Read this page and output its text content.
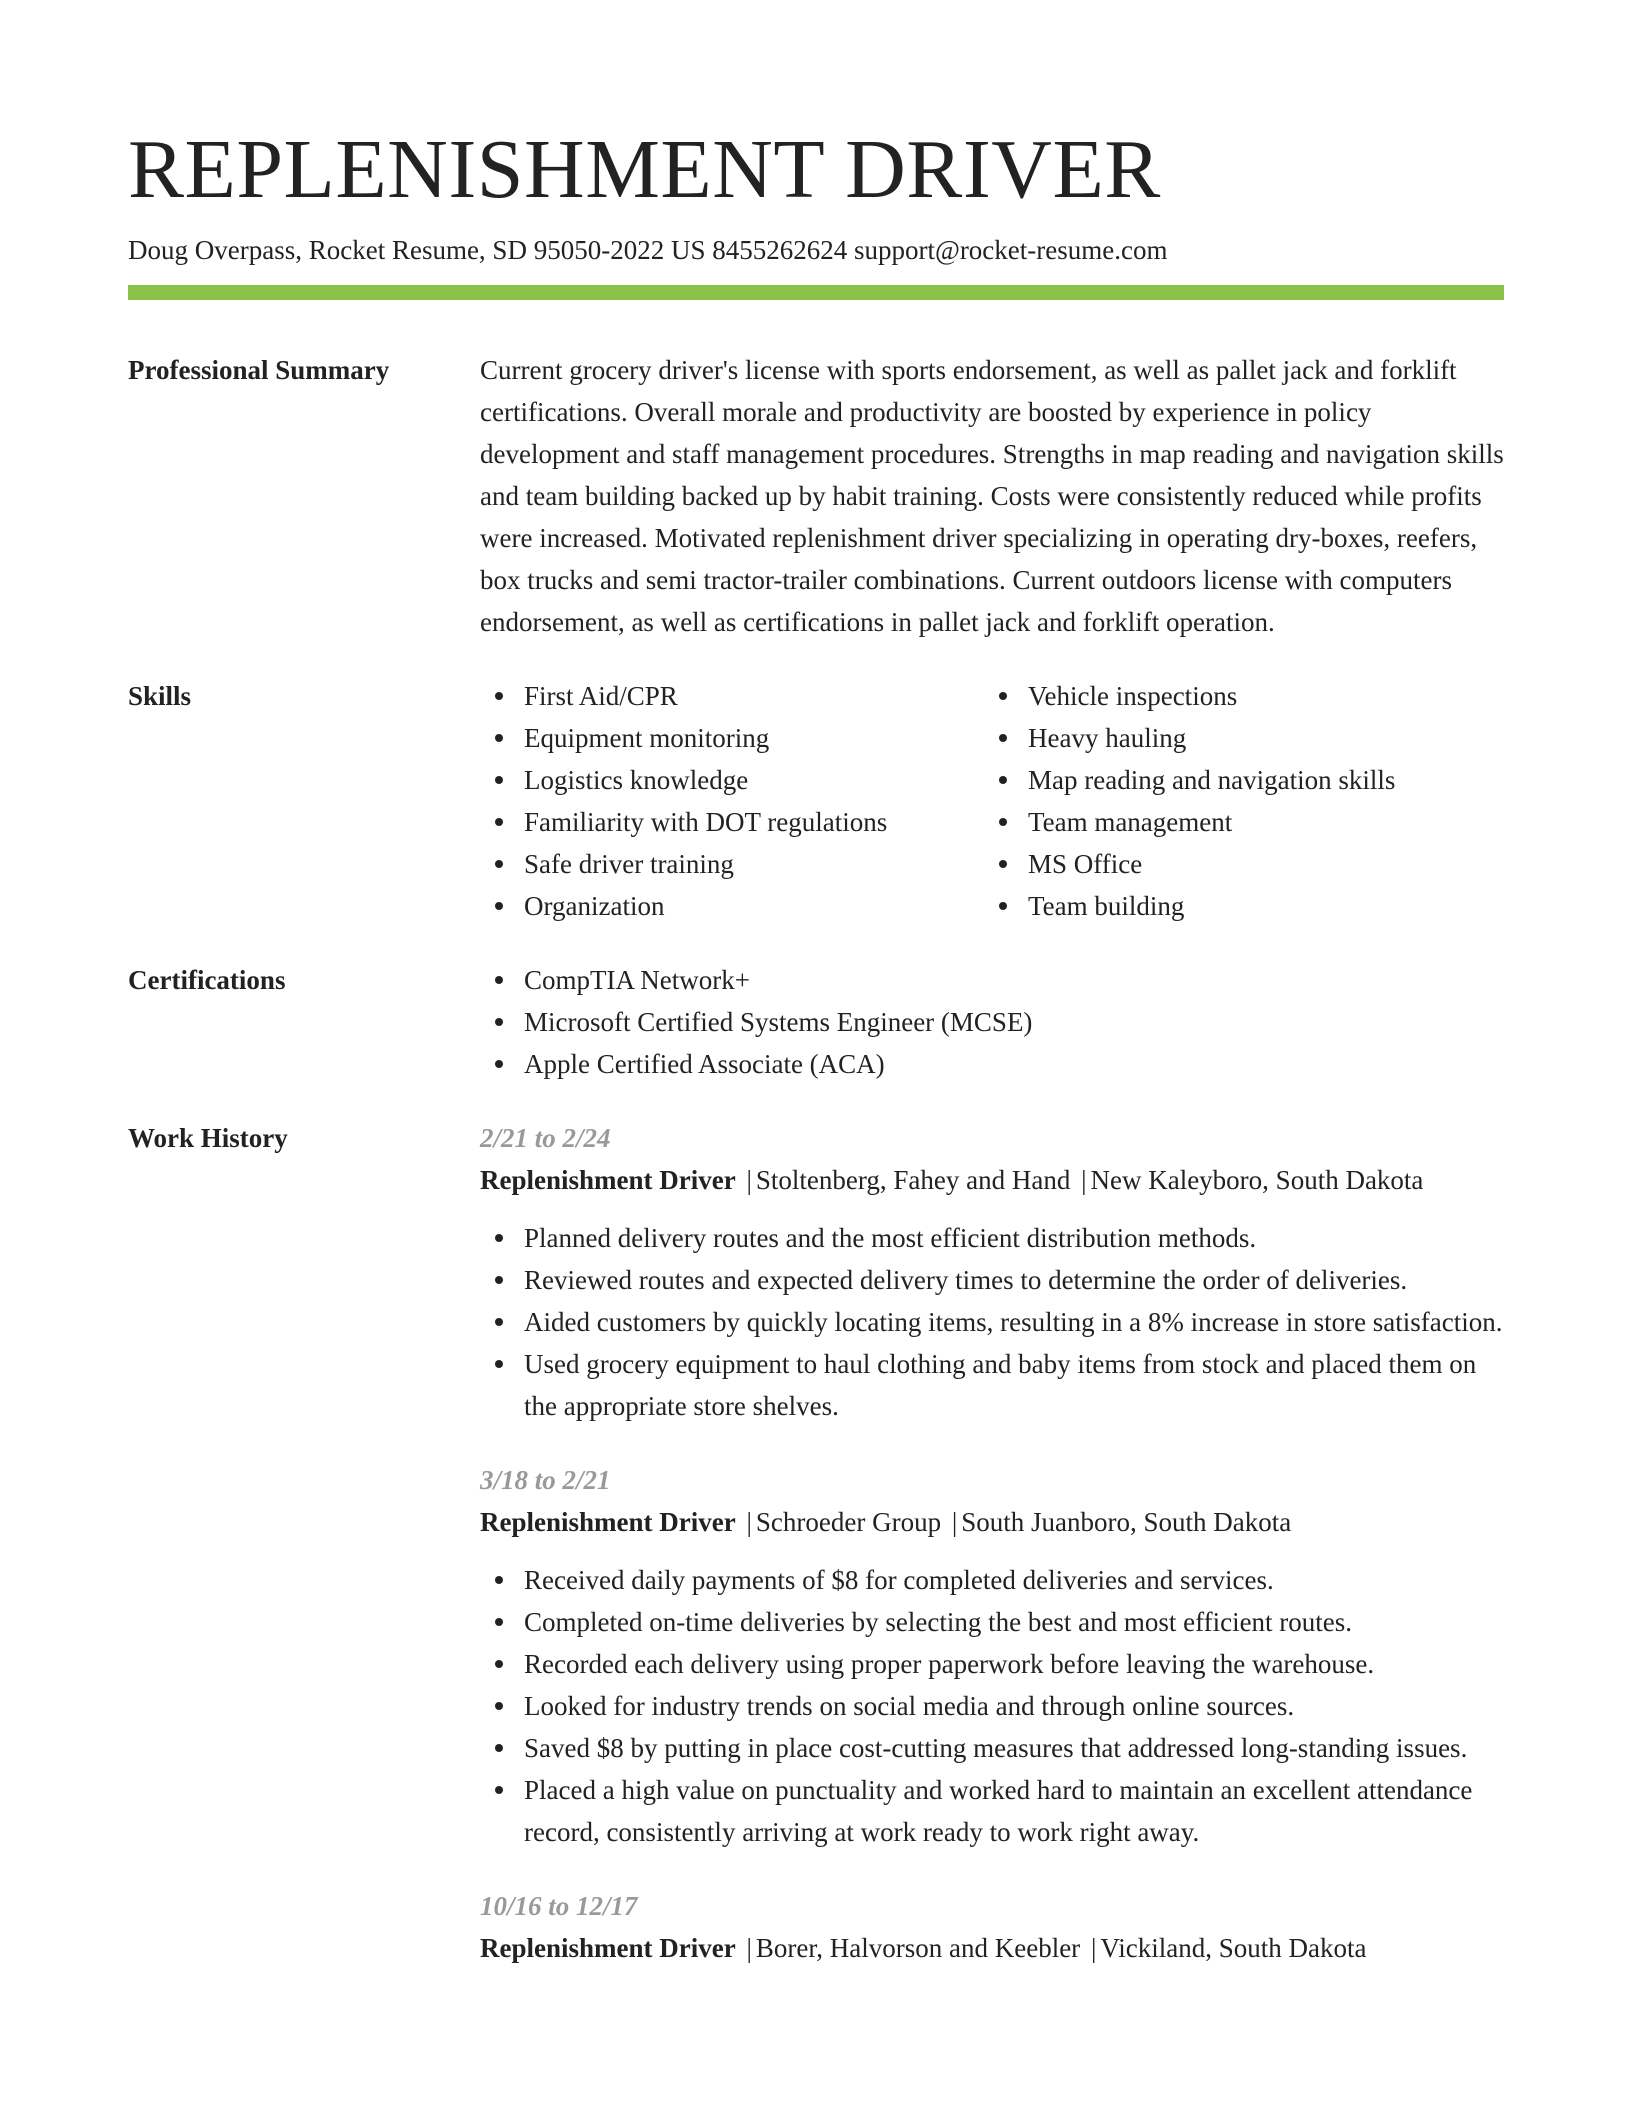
REPLENISHMENT DRIVER
Doug Overpass, Rocket Resume, SD 95050-2022 US 8455262624 support@rocket-resume.com
Professional Summary	Current grocery driver's license with sports endorsement, as well as pallet jack and forklift certifications. Overall morale and productivity are boosted by experience in policy development and staff management procedures. Strengths in map reading and navigation skills and team building backed up by habit training. Costs were consistently reduced while profits were increased. Motivated replenishment driver specializing in operating dry-boxes, reefers, box trucks and semi tractor-trailer combinations. Current outdoors license with computers endorsement, as well as certifications in pallet jack and forklift operation.

Skills	First Aid/CPR
Equipment monitoring
Logistics knowledge
Familiarity with DOT regulations
Safe driver training
Organization
Vehicle inspections
Heavy hauling
Map reading and navigation skills
Team management
MS Office
Team building
Certifications	CompTIA Network+
Microsoft Certified Systems Engineer (MCSE)
Apple Certified Associate (ACA)
Work History	2/21 to 2/24
Replenishment Driver | Stoltenberg, Fahey and Hand | New Kaleyboro, South Dakota
Planned delivery routes and the most efficient distribution methods.
Reviewed routes and expected delivery times to determine the order of deliveries.
Aided customers by quickly locating items, resulting in a 8% increase in store satisfaction.
Used grocery equipment to haul clothing and baby items from stock and placed them on the appropriate store shelves.
3/18 to 2/21
Replenishment Driver | Schroeder Group | South Juanboro, South Dakota
Received daily payments of $8 for completed deliveries and services.
Completed on-time deliveries by selecting the best and most efficient routes.
Recorded each delivery using proper paperwork before leaving the warehouse.
Looked for industry trends on social media and through online sources.
Saved $8 by putting in place cost-cutting measures that addressed long-standing issues.
Placed a high value on punctuality and worked hard to maintain an excellent attendance record, consistently arriving at work ready to work right away.
10/16 to 12/17
Replenishment Driver | Borer, Halvorson and Keebler | Vickiland, South Dakota
